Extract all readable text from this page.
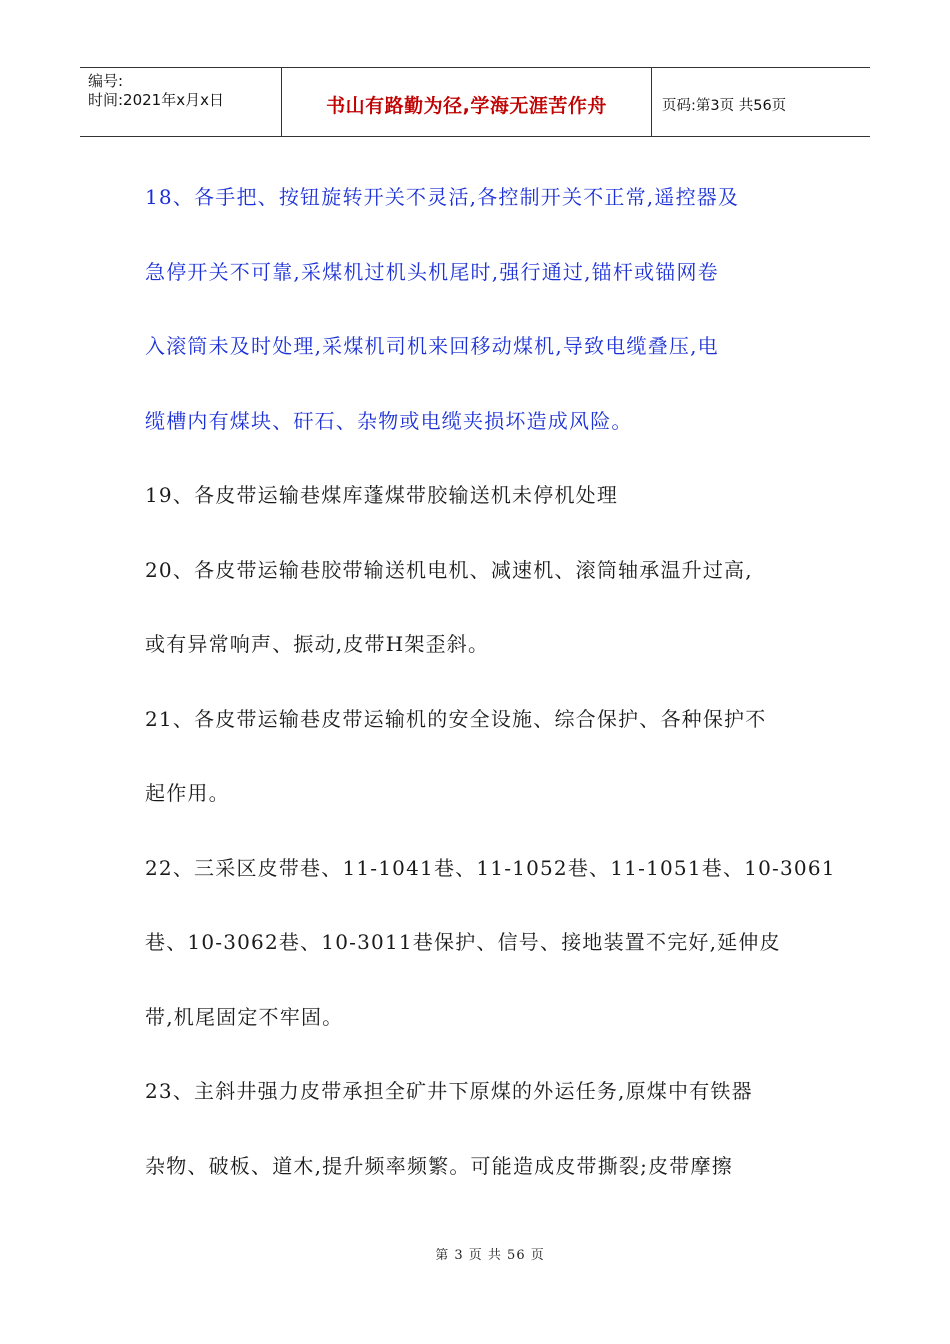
编号:
时间:2021年x月x日	书山有路勤为径,学海无涯苦作舟	页码:第3页 共56页

18、各手把、按钮旋转开关不灵活,各控制开关不正常,遥控器及
急停开关不可靠,采煤机过机头机尾时,强行通过,锚杆或锚网卷
入滚筒未及时处理,采煤机司机来回移动煤机,导致电缆叠压,电
缆槽内有煤块、矸石、杂物或电缆夹损坏造成风险。

19、各皮带运输巷煤库蓬煤带胶输送机未停机处理

20、各皮带运输巷胶带输送机电机、减速机、滚筒轴承温升过高,
或有异常响声、振动,皮带H架歪斜。

21、各皮带运输巷皮带运输机的安全设施、综合保护、各种保护不
起作用。

22、三采区皮带巷、11-1041巷、11-1052巷、11-1051巷、10-3061
巷、10-3062巷、10-3011巷保护、信号、接地装置不完好,延伸皮
带,机尾固定不牢固。

23、主斜井强力皮带承担全矿井下原煤的外运任务,原煤中有铁器
杂物、破板、道木,提升频率频繁。可能造成皮带撕裂;皮带摩擦

第 3 页 共 56 页
